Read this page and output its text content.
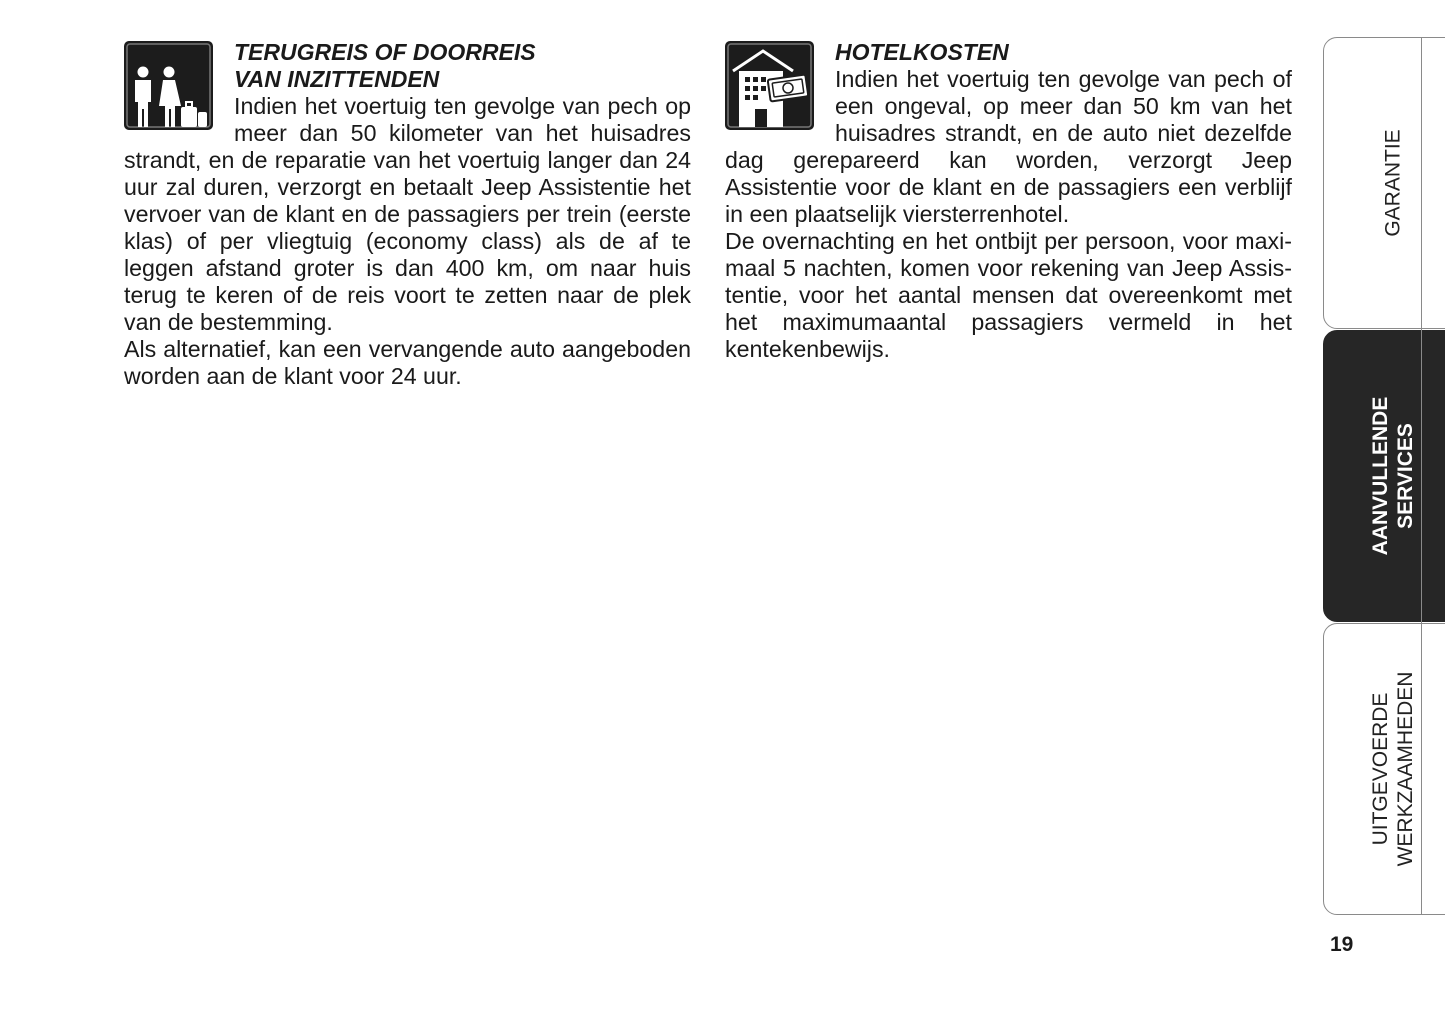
TERUGREIS OF DOORREIS
VAN INZITTENDEN

Indien het voertuig ten gevolge van pech op meer dan 50 kilometer van het huisadres strandt, en de reparatie van het voertuig langer dan 24 uur zal duren, verzorgt en betaalt Jeep Assistentie het vervoer van de klant en de passagiers per trein (eerste klas) of per vliegtuig (economy class) als de af te leggen afstand groter is dan 400 km, om naar huis terug te keren of de reis voort te zetten naar de plek van de bestemming.

Als alternatief, kan een vervangende auto aangeboden worden aan de klant voor 24 uur.

HOTELKOSTEN

Indien het voertuig ten gevolge van pech of een ongeval, op meer dan 50 km van het huisadres strandt, en de auto niet dezelfde dag gerepareerd kan worden, verzorgt Jeep Assistentie voor de klant en de passagiers een verblijf in een plaatselijk viersterrenhotel.

De overnachting en het ontbijt per persoon, voor maximaal 5 nachten, komen voor rekening van Jeep Assistentie, voor het aantal mensen dat overeenkomt met het maximumaantal passagiers vermeld in het kentekenbewijs.

GARANTIE
AANVULLENDE SERVICES
UITGEVOERDE WERKZAAMHEDEN
19
